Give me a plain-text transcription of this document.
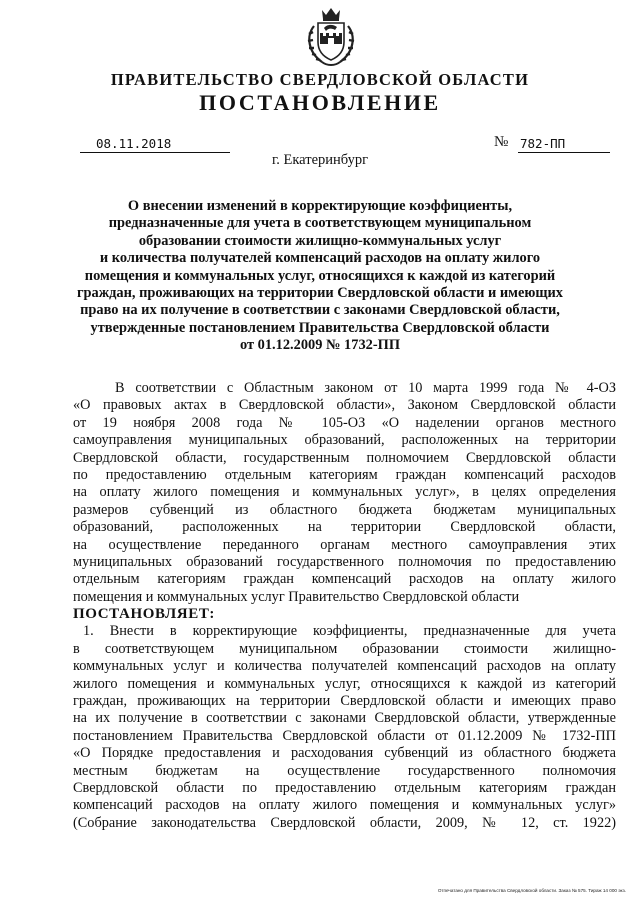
ПРАВИТЕЛЬСТВО СВЕРДЛОВСКОЙ ОБЛАСТИ
ПОСТАНОВЛЕНИЕ
08.11.2018	№ 782-ПП
г. Екатеринбург
О внесении изменений в корректирующие коэффициенты,
предназначенные для учета в соответствующем муниципальном
образовании стоимости жилищно-коммунальных услуг
и количества получателей компенсаций расходов на оплату жилого
помещения и коммунальных услуг, относящихся к каждой из категорий
граждан, проживающих на территории Свердловской области и имеющих
право на их получение в соответствии с законами Свердловской области,
утвержденные постановлением Правительства Свердловской области
от 01.12.2009 № 1732-ПП
В соответствии с Областным законом от 10 марта 1999 года № 4-ОЗ
«О правовых актах в Свердловской области», Законом Свердловской области
от 19 ноября 2008 года № 105-ОЗ «О наделении органов местного
самоуправления муниципальных образований, расположенных на территории
Свердловской области, государственным полномочием Свердловской области
по предоставлению отдельным категориям граждан компенсаций расходов
на оплату жилого помещения и коммунальных услуг», в целях определения
размеров субвенций из областного бюджета бюджетам муниципальных
образований, расположенных на территории Свердловской области,
на осуществление переданного органам местного самоуправления этих
муниципальных образований государственного полномочия по предоставлению
отдельным категориям граждан компенсаций расходов на оплату жилого
помещения и коммунальных услуг Правительство Свердловской области
ПОСТАНОВЛЯЕТ:
1. Внести в корректирующие коэффициенты, предназначенные для учета
в соответствующем муниципальном образовании стоимости жилищно-
коммунальных услуг и количества получателей компенсаций расходов на оплату
жилого помещения и коммунальных услуг, относящихся к каждой из категорий
граждан, проживающих на территории Свердловской области и имеющих право
на их получение в соответствии с законами Свердловской области, утвержденные
постановлением Правительства Свердловской области от 01.12.2009 № 1732-ПП
«О Порядке предоставления и расходования субвенций из областного бюджета
местным бюджетам на осуществление государственного полномочия
Свердловской области по предоставлению отдельным категориям граждан
компенсаций расходов на оплату жилого помещения и коммунальных услуг»
(Собрание законодательства Свердловской области, 2009, № 12, ст. 1922)
Отпечатано для Правительства Свердловской области. Заказ № 575. Тираж 14 000 экз.
